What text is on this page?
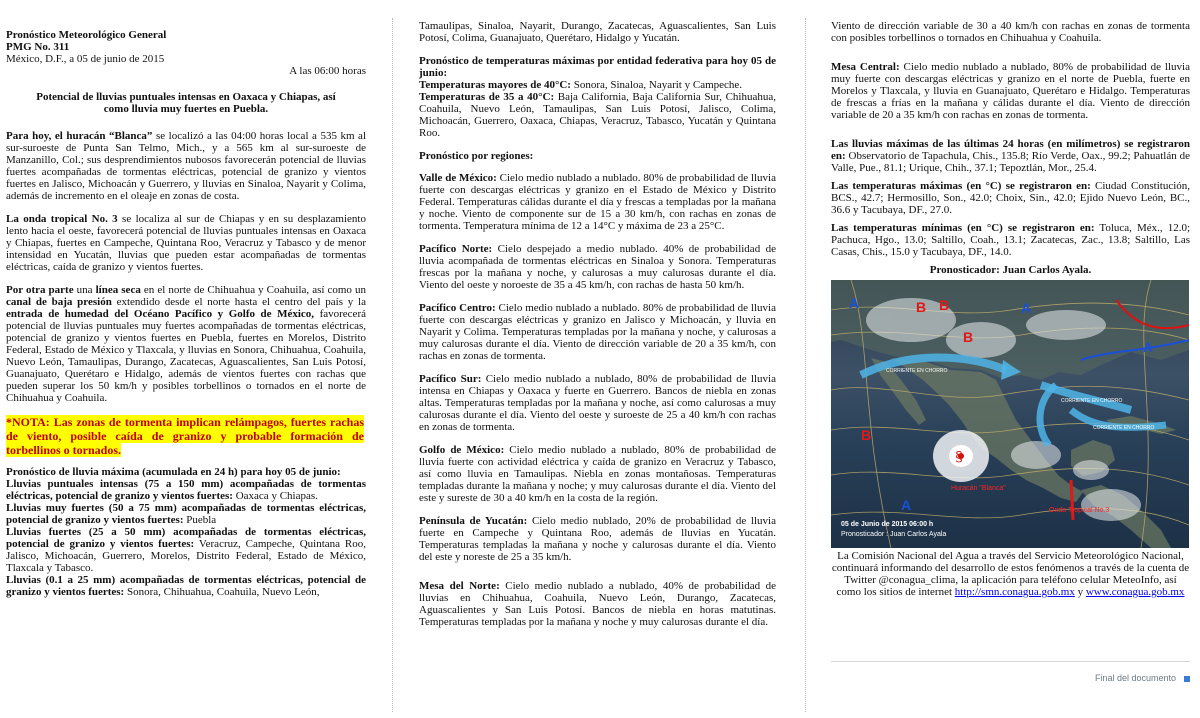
Pronóstico Meteorológico General

PMG No. 311

México, D.F., a 05 de junio de 2015

A las 06:00 horas

Potencial de lluvias puntuales intensas en Oaxaca y Chiapas, así como lluvia muy fuertes en Puebla.

Para hoy, el huracán “Blanca” se localizó a las 04:00 horas local a 535 km al sur-suroeste de Punta San Telmo, Mich., y a 565 km al sur-suroeste de Manzanillo, Col.; sus desprendimientos nubosos favorecerán potencial de lluvias fuertes acompañadas de tormentas eléctricas, potencial de granizo y vientos fuertes en Jalisco, Michoacán y Guerrero, y lluvias en Sinaloa, Nayarit y Colima, además de incremento en el oleaje en zonas de costa.

La onda tropical No. 3 se localiza al sur de Chiapas y en su desplazamiento lento hacia el oeste, favorecerá potencial de lluvias puntuales intensas en Oaxaca y Chiapas, fuertes en Campeche, Quintana Roo, Veracruz y Tabasco y de menor intensidad en Yucatán, lluvias que pueden estar acompañadas de tormentas eléctricas, caída de granizo y vientos fuertes.

Por otra parte una línea seca en el norte de Chihuahua y Coahuila, así como un canal de baja presión extendido desde el norte hasta el centro del país y la entrada de humedad del Océano Pacífico y Golfo de México, favorecerá potencial de lluvias puntuales muy fuertes acompañadas de tormentas eléctricas, potencial de granizo y vientos fuertes en Puebla, fuertes en Morelos, Distrito Federal, Estado de México y Tlaxcala, y lluvias en Sonora, Chihuahua, Coahuila, Nuevo León, Tamaulipas, Durango, Zacatecas, Aguascalientes, San Luis Potosí, Guanajuato, Querétaro e Hidalgo, además de vientos fuertes con rachas que pueden superar los 50 km/h y posibles torbellinos o tornados en el norte de Chihuahua y Coahuila.

*NOTA: Las zonas de tormenta implican relámpagos, fuertes rachas de viento, posible caída de granizo y probable formación de torbellinos o tornados.

Pronóstico de lluvia máxima (acumulada en 24 h) para hoy 05 de junio:

Lluvias puntuales intensas (75 a 150 mm) acompañadas de tormentas eléctricas, potencial de granizo y vientos fuertes: Oaxaca y Chiapas.

Lluvias muy fuertes (50 a 75 mm) acompañadas de tormentas eléctricas, potencial de granizo y vientos fuertes: Puebla

Lluvias fuertes (25 a 50 mm) acompañadas de tormentas eléctricas, potencial de granizo y vientos fuertes: Veracruz, Campeche, Quintana Roo, Jalisco, Michoacán, Guerrero, Morelos, Distrito Federal, Estado de México, Tlaxcala y Tabasco.

Lluvias (0.1 a 25 mm) acompañadas de tormentas eléctricas, potencial de granizo y vientos fuertes: Sonora, Chihuahua, Coahuila, Nuevo León,

Tamaulipas, Sinaloa, Nayarit, Durango, Zacatecas, Aguascalientes, San Luis Potosí, Colima, Guanajuato, Querétaro, Hidalgo y Yucatán.

Pronóstico de temperaturas máximas por entidad federativa para hoy 05 de junio:

Temperaturas mayores de 40°C: Sonora, Sinaloa, Nayarit y Campeche.

Temperaturas de 35 a 40°C: Baja California, Baja California Sur, Chihuahua, Coahuila, Nuevo León, Tamaulipas, San Luis Potosí, Jalisco, Colima, Michoacán, Guerrero, Oaxaca, Chiapas, Veracruz, Tabasco, Yucatán y Quintana Roo.

Pronóstico por regiones:

Valle de México: Cielo medio nublado a nublado. 80% de probabilidad de lluvia fuerte con descargas eléctricas y granizo en el Estado de México y Distrito Federal. Temperaturas cálidas durante el día y frescas a templadas por la mañana y noche. Viento de componente sur de 15 a 30 km/h, con rachas en zonas de tormenta. Temperatura mínima de 12 a 14°C y máxima de 23 a 25°C.

Pacífico Norte: Cielo despejado a medio nublado. 40% de probabilidad de lluvia acompañada de tormentas eléctricas en Sinaloa y Sonora. Temperaturas frescas por la mañana y noche, y calurosas a muy calurosas durante el día. Viento del oeste y noroeste de 35 a 45 km/h, con rachas de hasta 50 km/h.

Pacífico Centro: Cielo medio nublado a nublado. 80% de probabilidad de lluvia fuerte con descargas eléctricas y granizo en Jalisco y Michoacán, y lluvia en Nayarit y Colima. Temperaturas templadas por la mañana y noche, y calurosas a muy calurosas durante el día. Viento de dirección variable de 20 a 35 km/h, con rachas en zonas de tormenta.

Pacífico Sur: Cielo medio nublado a nublado, 80% de probabilidad de lluvia intensa en Chiapas y Oaxaca y fuerte en Guerrero. Bancos de niebla en zonas altas. Temperaturas templadas por la mañana y noche, así como calurosas a muy calurosas durante el día. Viento del oeste y suroeste de 25 a 40 km/h con rachas en zonas de tormenta.

Golfo de México: Cielo medio nublado a nublado, 80% de probabilidad de lluvia fuerte con actividad eléctrica y caída de granizo en Veracruz y Tabasco, así como lluvia en Tamaulipas. Niebla en zonas montañosas. Temperaturas templadas durante la mañana y noche; y muy calurosas durante el día. Viento del este y sureste de 30 a 40 km/h en la costa de la región.

Península de Yucatán: Cielo medio nublado, 20% de probabilidad de lluvia fuerte en Campeche y Quintana Roo, además de lluvias en Yucatán. Temperaturas templadas la mañana y noche y calurosas durante el día. Viento del este y noreste de 25 a 35 km/h.

Mesa del Norte: Cielo medio nublado a nublado, 40% de probabilidad de lluvias en Chihuahua, Coahuila, Nuevo León, Durango, Zacatecas, Aguascalientes y San Luis Potosí. Bancos de niebla en horas matutinas. Temperaturas templadas por la mañana y noche y muy calurosas durante el día.

Viento de dirección variable de 30 a 40 km/h con rachas en zonas de tormenta con posibles torbellinos o tornados en Chihuahua y Coahuila.

Mesa Central: Cielo medio nublado a nublado, 80% de probabilidad de lluvia muy fuerte con descargas eléctricas y granizo en el norte de Puebla, fuerte en Morelos y Tlaxcala, y lluvia en Guanajuato, Querétaro e Hidalgo. Temperaturas de frescas a frías en la mañana y cálidas durante el día. Viento de dirección variable de 20 a 35 km/h con rachas en zonas de tormenta.

Las lluvias máximas de las últimas 24 horas (en milímetros) se registraron en: Observatorio de Tapachula, Chis., 135.8; Río Verde, Oax., 99.2; Pahuatlán de Valle, Pue., 81.1; Urique, Chih., 37.1; Tepoztlán, Mor., 25.4.

Las temperaturas máximas (en °C) se registraron en: Ciudad Constitución, BCS., 42.7; Hermosillo, Son., 42.0; Choix, Sin., 42.0; Ejido Nuevo León, BC., 36.6 y Tacubaya, DF., 27.0.

Las temperaturas mínimas (en °C) se registraron en: Toluca, Méx., 12.0; Pachuca, Hgo., 13.0; Saltillo, Coah., 13.1; Zacatecas, Zac., 13.8; Saltillo, Las Casas, Chis., 15.0 y Tacubaya, DF., 14.0.

Pronosticador: Juan Carlos Ayala.

§
A	A
A
A
B B
B
B
CORRIENTE EN CHORRO
CORRIENTE EN CHORRO
CORRIENTE EN CHORRO
Huracán "Blanca"
Onda Tropical No.3
05 de Junio de 2015 06:00 h
Pronosticador : Juan Carlos Ayala

La Comisión Nacional del Agua a través del Servicio Meteorológico Nacional, continuará informando del desarrollo de estos fenómenos a través de la cuenta de Twitter @conagua_clima, la aplicación para teléfono celular MeteoInfo, así como los sitios de internet http://smn.conagua.gob.mx y www.conagua.gob.mx

Final del documento
